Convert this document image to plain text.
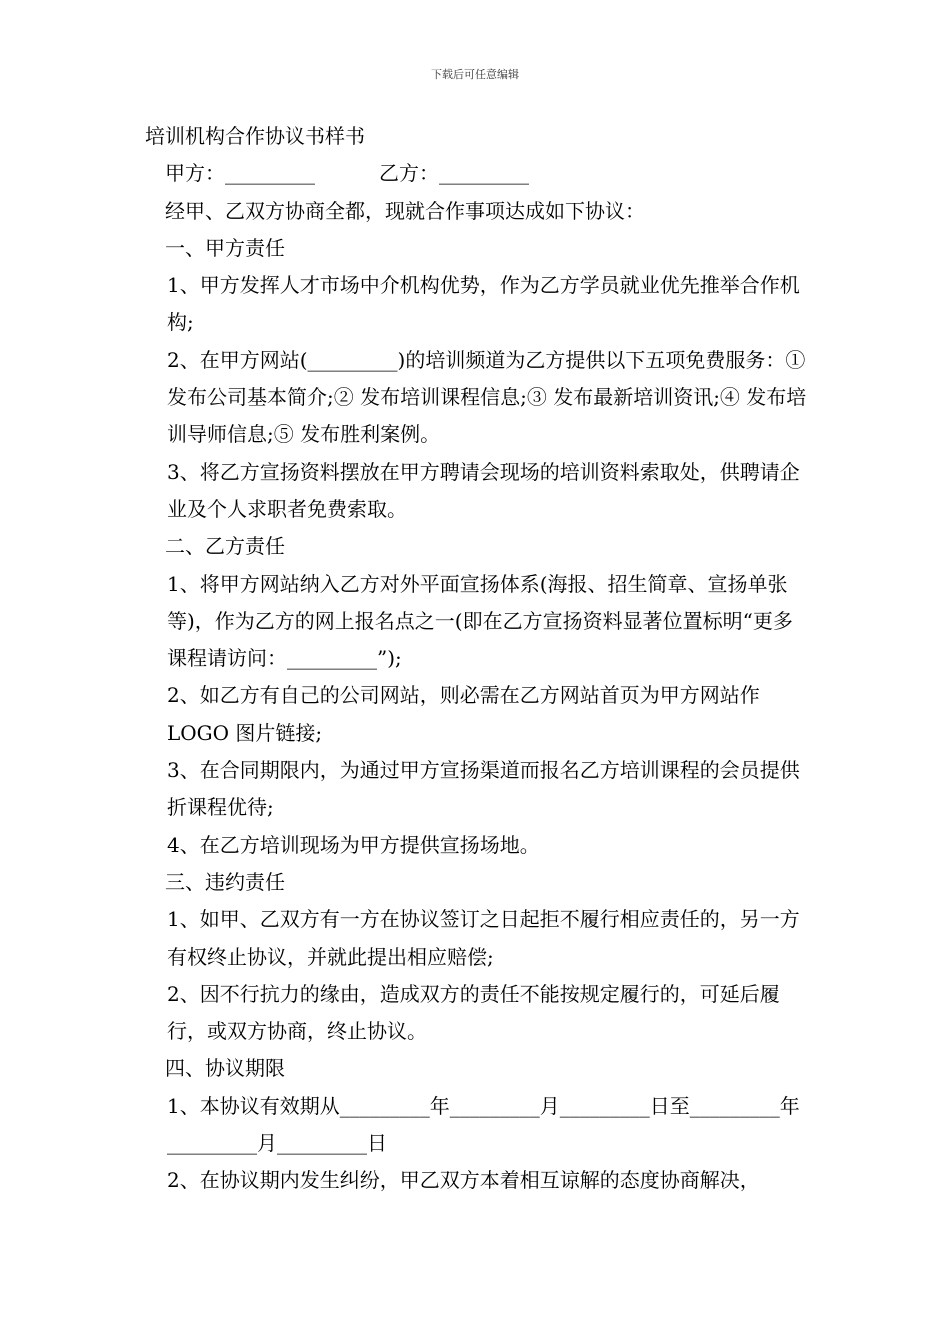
下载后可任意编辑

培训机构合作协议书样书

甲方：_________	乙方：_________

经甲、乙双方协商全都，现就合作事项达成如下协议：

一、甲方责任

1、甲方发挥人才市场中介机构优势，作为乙方学员就业优先推举合作机构;

2、在甲方网站(_________)的培训频道为乙方提供以下五项免费服务：① 发布公司基本简介;② 发布培训课程信息;③ 发布最新培训资讯;④ 发布培训导师信息;⑤ 发布胜利案例。

3、将乙方宣扬资料摆放在甲方聘请会现场的培训资料索取处，供聘请企业及个人求职者免费索取。

二、乙方责任

1、将甲方网站纳入乙方对外平面宣扬体系(海报、招生简章、宣扬单张等)，作为乙方的网上报名点之一(即在乙方宣扬资料显著位置标明“更多课程请访问：_________”);

2、如乙方有自己的公司网站，则必需在乙方网站首页为甲方网站作 LOGO 图片链接;

3、在合同期限内，为通过甲方宣扬渠道而报名乙方培训课程的会员提供 折课程优待;

4、在乙方培训现场为甲方提供宣扬场地。

三、违约责任

1、如甲、乙双方有一方在协议签订之日起拒不履行相应责任的，另一方有权终止协议，并就此提出相应赔偿;

2、因不行抗力的缘由，造成双方的责任不能按规定履行的，可延后履行，或双方协商，终止协议。

四、协议期限

1、本协议有效期从_________年_________月_________日至_________年_________月_________日

2、在协议期内发生纠纷，甲乙双方本着相互谅解的态度协商解决，
